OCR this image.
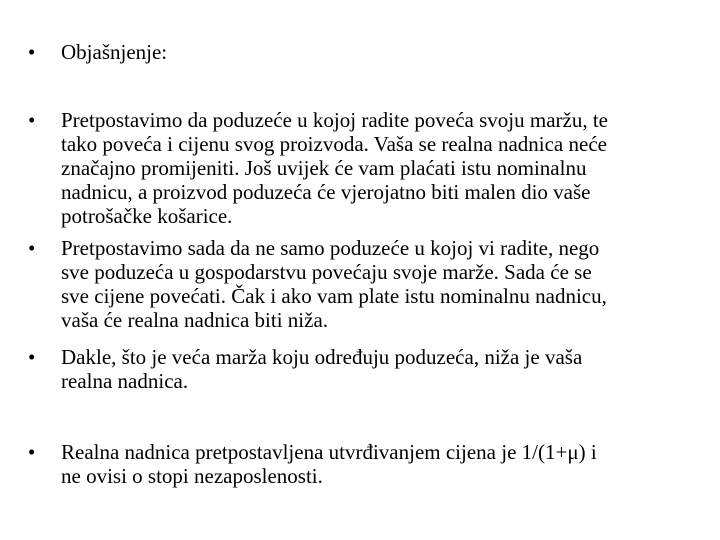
•	Objašnjenje:
•	Pretpostavimo da poduzeće u kojoj radite poveća svoju maržu, te
tako poveća i cijenu svog proizvoda. Vaša se realna nadnica neće
značajno promijeniti. Još uvijek će vam plaćati istu nominalnu
nadnicu, a proizvod poduzeća će vjerojatno biti malen dio vaše
potrošačke košarice.
•	Pretpostavimo sada da ne samo poduzeće u kojoj vi radite, nego
sve poduzeća u gospodarstvu povećaju svoje marže. Sada će se
sve cijene povećati. Čak i ako vam plate istu nominalnu nadnicu,
vaša će realna nadnica biti niža.
•	Dakle, što je veća marža koju određuju poduzeća, niža je vaša
realna nadnica.
•	Realna nadnica pretpostavljena utvrđivanjem cijena je 1/(1+μ) i
ne ovisi o stopi nezaposlenosti.
